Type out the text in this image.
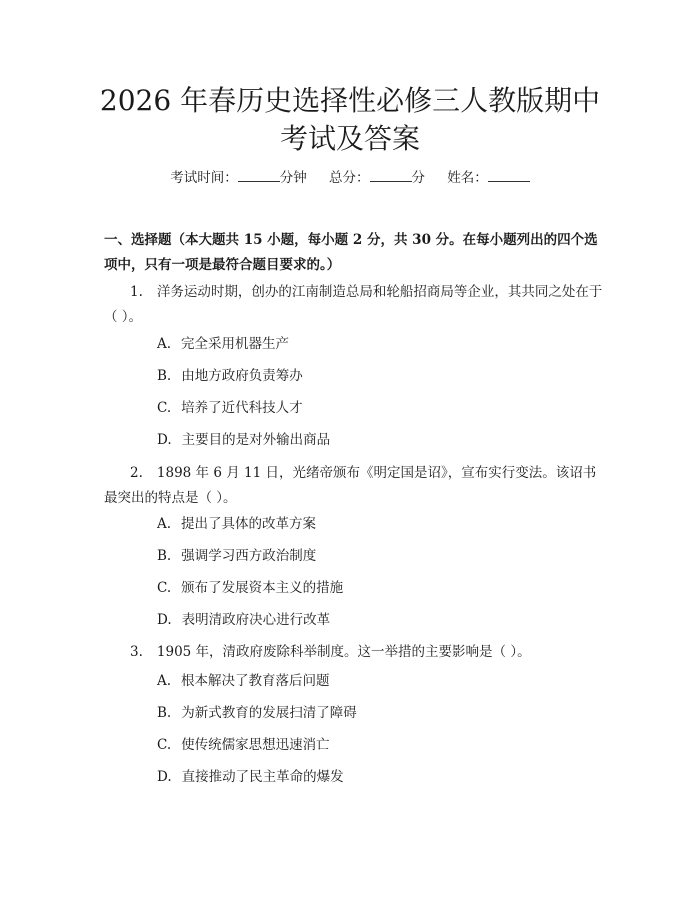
2026 年春历史选择性必修三人教版期中考试及答案
考试时间：	分钟 总分：	分 姓名：

一、选择题（本大题共 15 小题，每小题 2 分，共 30 分。在每小题列出的四个选项中，只有一项是最符合题目要求的。）

1. 洋务运动时期，创办的江南制造总局和轮船招商局等企业，其共同之处在于（ ）。
A. 完全采用机器生产
B. 由地方政府负责筹办
C. 培养了近代科技人才
D. 主要目的是对外输出商品
2. 1898 年 6 月 11 日，光绪帝颁布《明定国是诏》，宣布实行变法。该诏书最突出的特点是（ ）。
A. 提出了具体的改革方案
B. 强调学习西方政治制度
C. 颁布了发展资本主义的措施
D. 表明清政府决心进行改革
3. 1905 年，清政府废除科举制度。这一举措的主要影响是（ ）。
A. 根本解决了教育落后问题
B. 为新式教育的发展扫清了障碍
C. 使传统儒家思想迅速消亡
D. 直接推动了民主革命的爆发
